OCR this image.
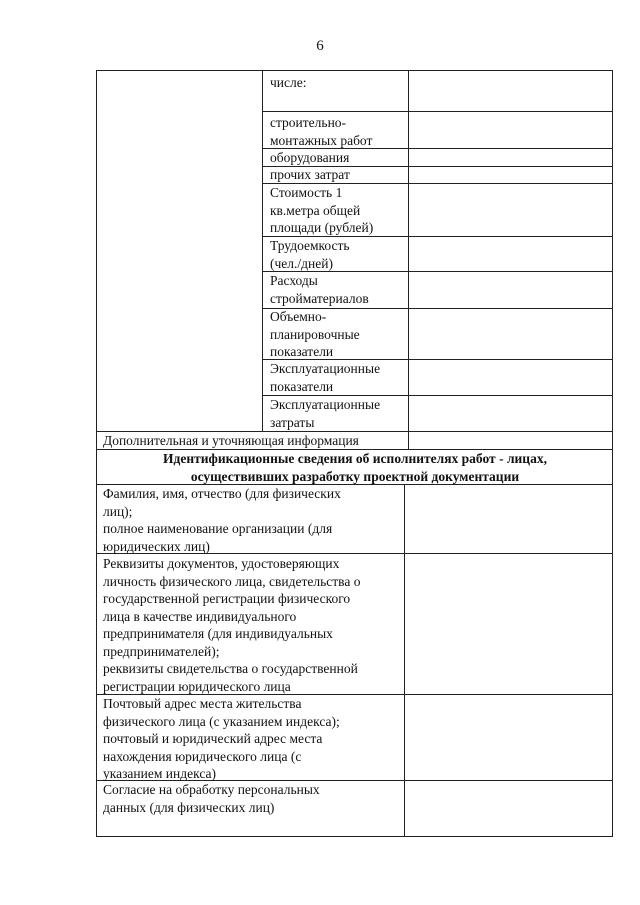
6
числе:
строительно-
монтажных работ
оборудования
прочих затрат
Стоимость 1
кв.метра общей
площади (рублей)
Трудоемкость
(чел./дней)
Расходы
стройматериалов
Объемно-
планировочные
показатели
Эксплуатационные
показатели
Эксплуатационные
затраты
Дополнительная и уточняющая информация
Идентификационные сведения об исполнителях работ - лицах,
осуществивших разработку проектной документации
Фамилия, имя, отчество (для физических
лиц);
полное наименование организации (для
юридических лиц)
Реквизиты документов, удостоверяющих
личность физического лица, свидетельства о
государственной регистрации физического
лица в качестве индивидуального
предпринимателя (для индивидуальных
предпринимателей);
реквизиты свидетельства о государственной
регистрации юридического лица
Почтовый адрес места жительства
физического лица (с указанием индекса);
почтовый и юридический адрес места
нахождения юридического лица (с
указанием индекса)
Согласие на обработку персональных
данных (для физических лиц)
